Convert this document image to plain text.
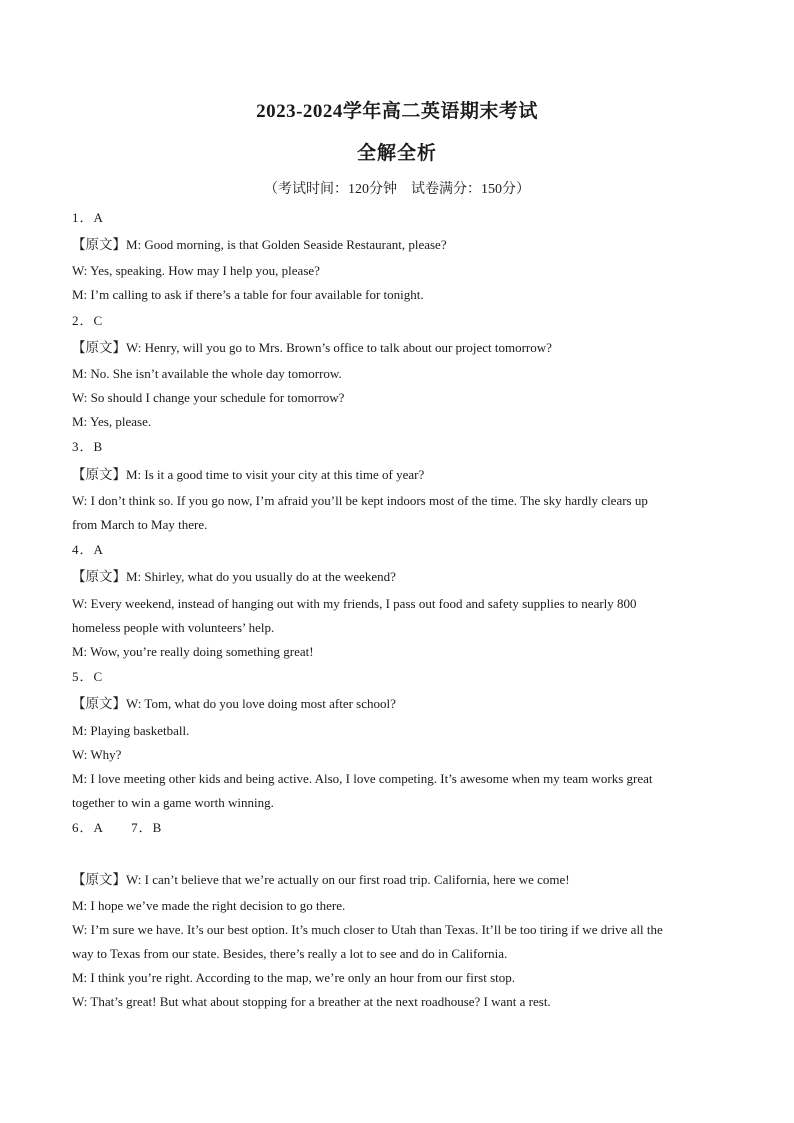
2023-2024学年高二英语期末考试
全解全析
（考试时间：120分钟　试卷满分：150分）
1．A
【原文】M: Good morning, is that Golden Seaside Restaurant, please?
W: Yes, speaking. How may I help you, please?
M: I’m calling to ask if there’s a table for four available for tonight.
2．C
【原文】W: Henry, will you go to Mrs. Brown’s office to talk about our project tomorrow?
M: No. She isn’t available the whole day tomorrow.
W: So should I change your schedule for tomorrow?
M: Yes, please.
3．B
【原文】M: Is it a good time to visit your city at this time of year?
W: I don’t think so. If you go now, I’m afraid you’ll be kept indoors most of the time. The sky hardly clears up
from March to May there.
4．A
【原文】M: Shirley, what do you usually do at the weekend?
W: Every weekend, instead of hanging out with my friends, I pass out food and safety supplies to nearly 800
homeless people with volunteers’ help.
M: Wow, you’re really doing something great!
5．C
【原文】W: Tom, what do you love doing most after school?
M: Playing basketball.
W: Why?
M: I love meeting other kids and being active. Also, I love competing. It’s awesome when my team works great
together to win a game worth winning.
6．A　　7．B
【原文】W: I can’t believe that we’re actually on our first road trip. California, here we come!
M: I hope we’ve made the right decision to go there.
W: I’m sure we have. It’s our best option. It’s much closer to Utah than Texas. It’ll be too tiring if we drive all the
way to Texas from our state. Besides, there’s really a lot to see and do in California.
M: I think you’re right. According to the map, we’re only an hour from our first stop.
W: That’s great! But what about stopping for a breather at the next roadhouse? I want a rest.
